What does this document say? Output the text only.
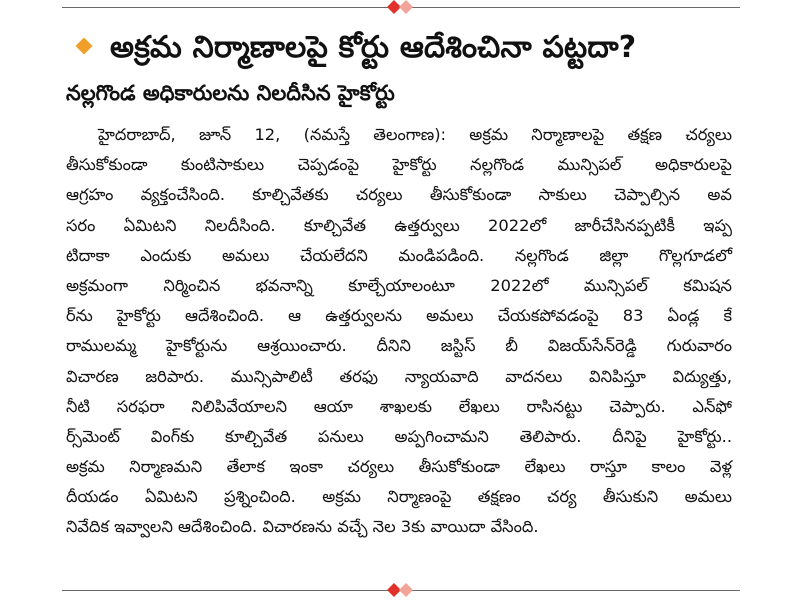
అక్రమ నిర్మాణాలపై కోర్టు ఆదేశించినా పట్టదా?
నల్లగొండ అధికారులను నిలదీసిన హైకోర్టు
హైదరాబాద్, జూన్ 12, (నమస్తే తెలంగాణ): అక్రమ నిర్మాణాలపై తక్షణ చర్యలు
తీసుకోకుండా కుంటిసాకులు చెప్పడంపై హైకోర్టు నల్లగొండ మున్సిపల్ అధికారులపై
ఆగ్రహం వ్యక్తంచేసింది. కూల్చివేతకు చర్యలు తీసుకోకుండా సాకులు చెప్పాల్సిన అవ
సరం ఏమిటని నిలదీసింది. కూల్చివేత ఉత్తర్వులు 2022లో జారీచేసినప్పటికీ ఇప్ప
టిదాకా ఎందుకు అమలు చేయలేదని మండిపడింది. నల్లగొండ జిల్లా గొల్లగూడలో
అక్రమంగా నిర్మించిన భవనాన్ని కూల్చేయాలంటూ 2022లో మున్సిపల్ కమిషన
ర్‌ను హైకోర్టు ఆదేశించింది. ఆ ఉత్తర్వులను అమలు చేయకపోవడంపై 83 ఏండ్ల కే
రాములమ్మ హైకోర్టును ఆశ్రయించారు. దీనిని జస్టిస్ బీ విజయ్‌సేన్‌రెడ్డి గురువారం
విచారణ జరిపారు. మున్సిపాలిటీ తరఫు న్యాయవాది వాదనలు వినిపిస్తూ విద్యుత్తు,
నీటి సరఫరా నిలిపివేయాలని ఆయా శాఖలకు లేఖలు రాసినట్టు చెప్పారు. ఎన్‌ఫో
ర్స్‌మెంట్ వింగ్‌కు కూల్చివేత పనులు అప్పగించామని తెలిపారు. దీనిపై హైకోర్టు..
అక్రమ నిర్మాణమని తేలాక ఇంకా చర్యలు తీసుకోకుండా లేఖలు రాస్తూ కాలం వెళ్ల
దీయడం ఏమిటని ప్రశ్నించింది. అక్రమ నిర్మాణంపై తక్షణం చర్య తీసుకుని అమలు
నివేదిక ఇవ్వాలని ఆదేశించింది. విచారణను వచ్చే నెల 3కు వాయిదా వేసింది.
